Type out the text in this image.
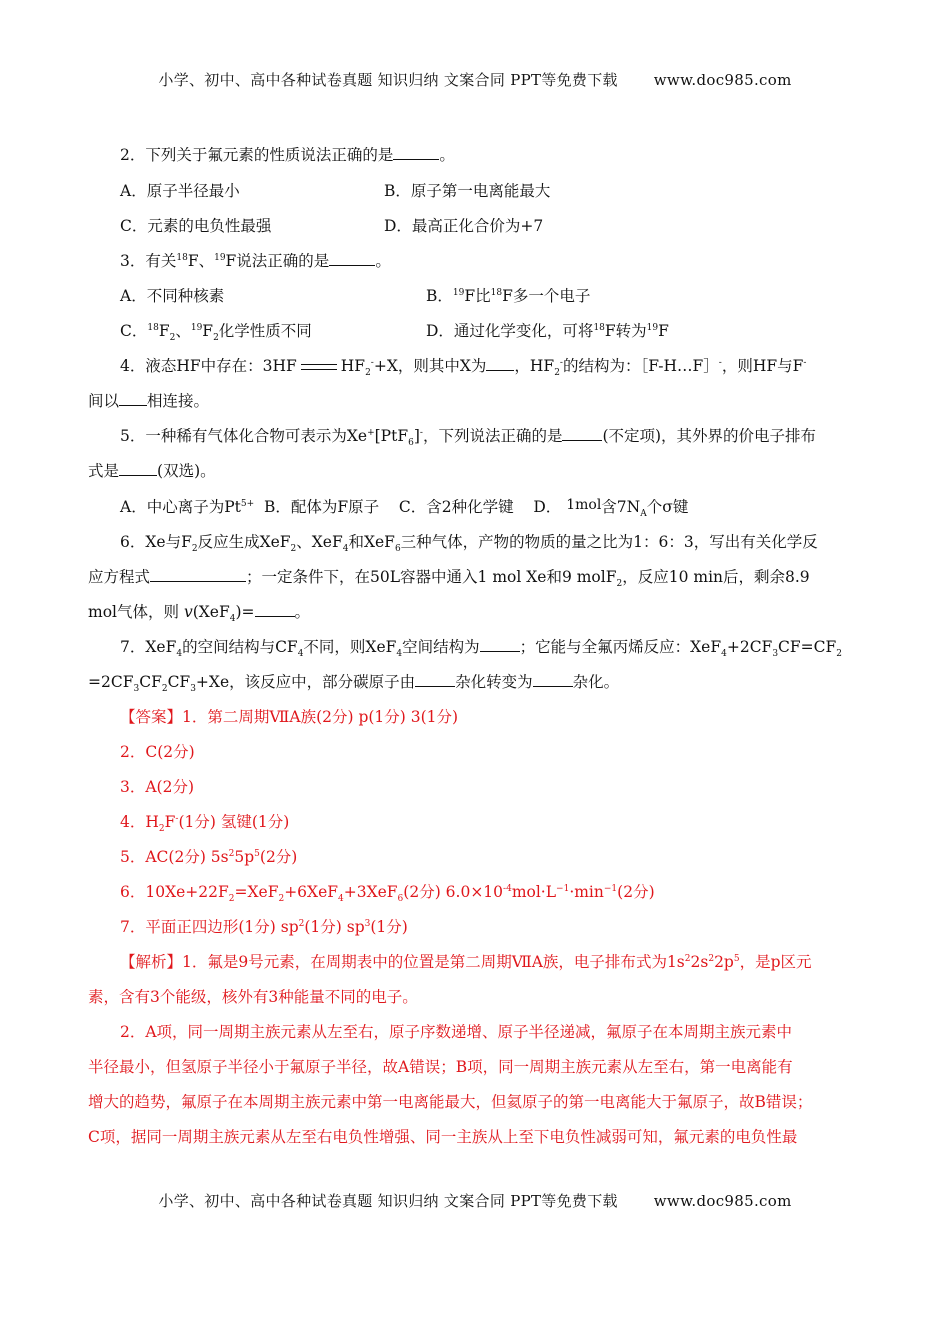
小学、初中、高中各种试卷真题 知识归纳 文案合同 PPT等免费下载 www.doc985.com
2．下列关于氟元素的性质说法正确的是	。
A．原子半径最小	B．原子第一电离能最大
C．元素的电负性最强	D．最高正化合价为+7
3．有关$^{18}$F、$^{19}$F说法正确的是	。
A．不同种核素	B．$^{19}$F比$^{18}$F多一个电子
C．$^{18}F_2$、$^{19}F_2$化学性质不同	D．通过化学变化，可将$^{18}$F转为$^{19}$F
4．液态HF中存在：3HF	$HF_2^-+X$，则其中X为 ，$HF_2^-$的结构为：［F-H…F］-，则HF与F-
间以 相连接。
5．一种稀有气体化合物可表示为Xe+[PtF$_6$]-，下列说法正确的是	(不定项)，其外界的价电子排布
式是 (双选)。
A．中心离子为$Pt^{5+}$ B．配体为F原子 C．含2种化学键 D． 1mol含$7N_A$个σ键
6．Xe与$F_2$反应生成XeF$_2$、XeF$_4$和XeF$_6$三种气体，产物的物质的量之比为1：6：3，写出有关化学反
应方程式	；一定条件下，在50L容器中通入1 mol Xe和9 molF$_2$，反应10 min后，剩余8.9
mol气体，则 v(XeF$_4$)=	。
7．XeF$_4$的空间结构与$CF_4$不同，则XeF$_4$空间结构为	；它能与全氟丙烯反应：$XeF_4+2CF_3CF=CF_2$
$=2CF_3CF_2CF_3+Xe$，该反应中，部分碳原子由	杂化转变为	杂化。
【答案】1．第二周期ⅦA族(2分) p(1分) 3(1分)
2．C(2分)
3．A(2分)
4．$H_2F^-(1$分) 氢键(1分)
5．AC(2分) $5s^25p^5(2$分)
6．$10Xe+22F_2=XeF_2+6XeF_4+3XeF_6(2$分) $6.0\times 10^{-4}mol\cdot L^{-1}\cdot\min^{-1}(2$分)
7．平面正四边形(1分) $sp^2(1$分) $sp^3(1$分)
【解析】1．氟是9号元素，在周期表中的位置是第二周期ⅦA族，电子排布式为$1s^22s^22p^5$，是p区元
素，含有3个能级，核外有3种能量不同的电子。
2．A项，同一周期主族元素从左至右，原子序数递增、原子半径递减，氟原子在本周期主族元素中
半径最小，但氢原子半径小于氟原子半径，故A错误；B项，同一周期主族元素从左至右，第一电离能有
增大的趋势，氟原子在本周期主族元素中第一电离能最大，但氦原子的第一电离能大于氟原子，故B错误；
C项，据同一周期主族元素从左至右电负性增强、同一主族从上至下电负性减弱可知，氟元素的电负性最
小学、初中、高中各种试卷真题 知识归纳 文案合同 PPT等免费下载 www.doc985.com
